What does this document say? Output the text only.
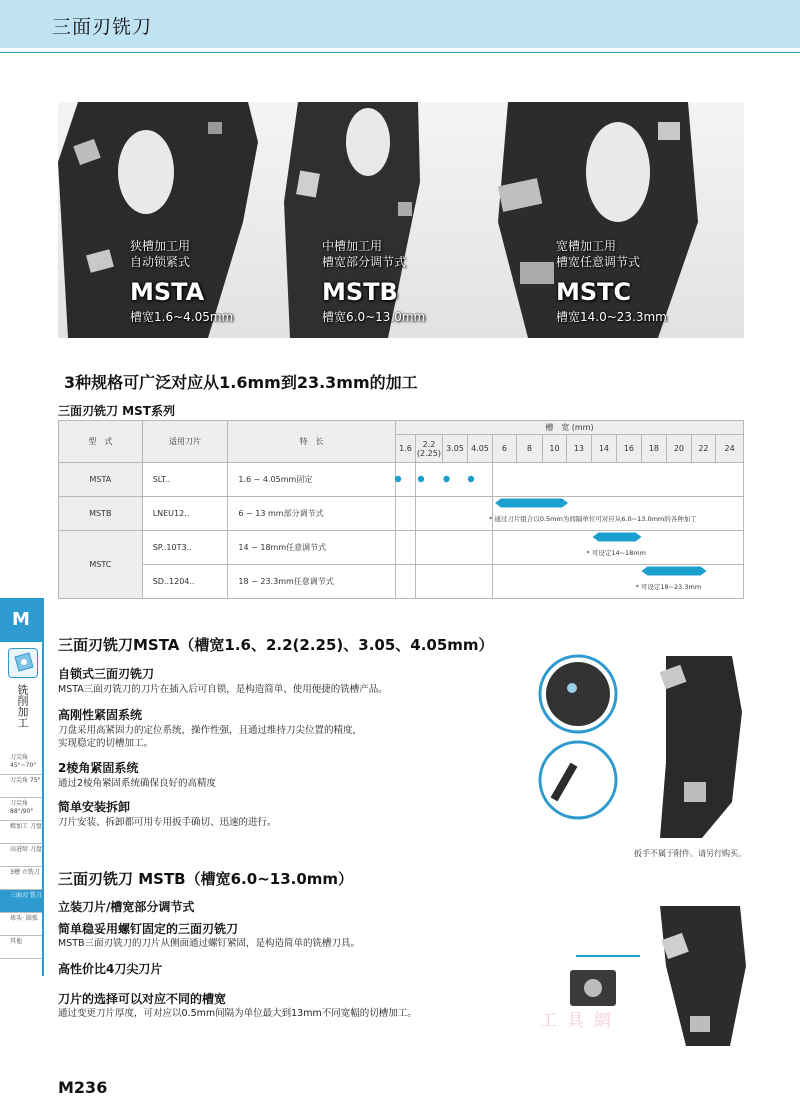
三面刃铣刀
狭槽加工用
自动锁紧式
MSTA
槽宽1.6~4.05mm
中槽加工用
槽宽部分调节式
MSTB
槽宽6.0~13.0mm
宽槽加工用
槽宽任意调节式
MSTC
槽宽14.0~23.3mm
3种规格可广泛对应从1.6mm到23.3mm的加工
三面刃铣刀 MST系列
型　式	适用刀片	特　长	槽　宽 (mm)													
			1.6	2.2 (2.25)	3.05	4.05	6	8	10	13	14	16	18	20	22	24
MSTA	SLT..	1.6 ~ 4.05mm固定														
MSTB	LNEU12..	6 ~ 13 mm部分调节式														
MSTC	SP..10T3..	14 ~ 18mm任意调节式														
	SD..1204..	18 ~ 23.3mm任意调节式														
* 通过刀片组合以0.5mm为间隔单位可对应从6.0~13.0mm的各种加工
* 可设定14~18mm
* 可设定18~23.3mm
M
铣削加工
刀尖角 45°~70°
刀尖角 75°
刀尖角 88°/90°
精加工 刀盘
高进给 刀盘
3槽 立铣刀
三面刃 铣刀
球头· 圆弧
其他
三面刃铣刀MSTA（槽宽1.6、2.2(2.25)、3.05、4.05mm）
自锁式三面刃铣刀
MSTA三面刃铣刀的刀片在插入后可自锁，是构造简单、使用便捷的铣槽产品。
高刚性紧固系统
刀盘采用高紧固力的定位系统，操作性强，且通过维持刀尖位置的精度，
实现稳定的切槽加工。
2棱角紧固系统
通过2棱角紧固系统确保良好的高精度
简单安装拆卸
刀片安装、拆卸都可用专用扳手确切、迅速的进行。
扳手不属于附件。请另行购买。
三面刃铣刀 MSTB（槽宽6.0~13.0mm）
立装刀片/槽宽部分调节式
简单稳妥用螺钉固定的三面刃铣刀
MSTB三面刃铣刀的刀片从侧面通过螺钉紧固，是构造简单的铣槽刀具。
高性价比4刀尖刀片
刀片的选择可以对应不同的槽宽
通过变更刀片厚度，可对应以0.5mm间隔为单位最大到13mm不同宽幅的切槽加工。	工具網
M236
